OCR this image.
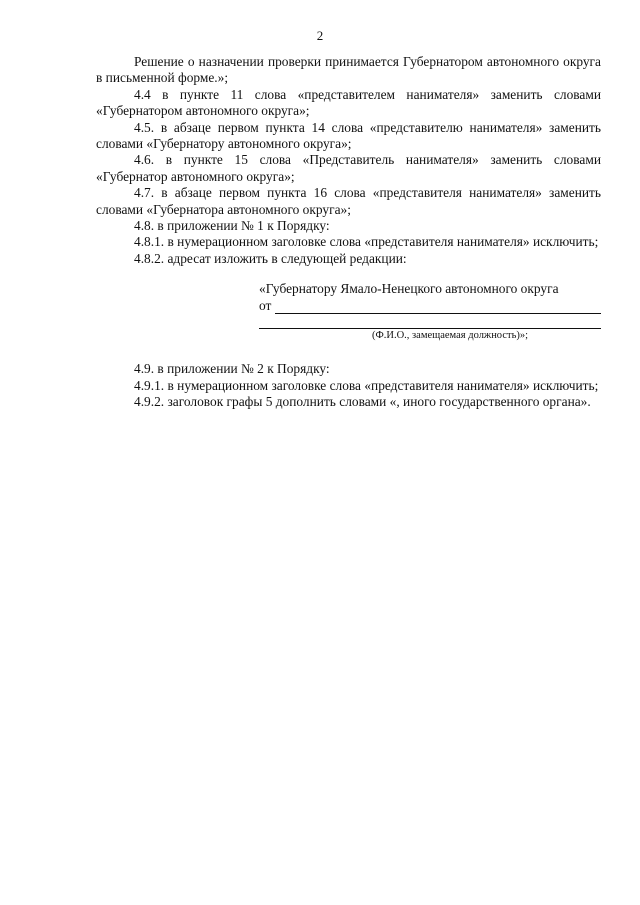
2

Решение о назначении проверки принимается Губернатором автономного округа в письменной форме.»;

4.4 в пункте 11 слова «представителем нанимателя» заменить словами «Губернатором автономного округа»;

4.5. в абзаце первом пункта 14 слова «представителю нанимателя» заменить словами «Губернатору автономного округа»;

4.6. в пункте 15 слова «Представитель нанимателя» заменить словами «Губернатор автономного округа»;

4.7. в абзаце первом пункта 16 слова «представителя нанимателя» заменить словами «Губернатора автономного округа»;

4.8. в приложении № 1 к Порядку:

4.8.1. в нумерационном заголовке слова «представителя нанимателя» исключить;

4.8.2. адресат изложить в следующей редакции:

«Губернатору Ямало-Ненецкого автономного округа
от
(Ф.И.О., замещаемая должность)»;

4.9. в приложении № 2 к Порядку:

4.9.1. в нумерационном заголовке слова «представителя нанимателя» исключить;

4.9.2. заголовок графы 5 дополнить словами «, иного государственного органа».
